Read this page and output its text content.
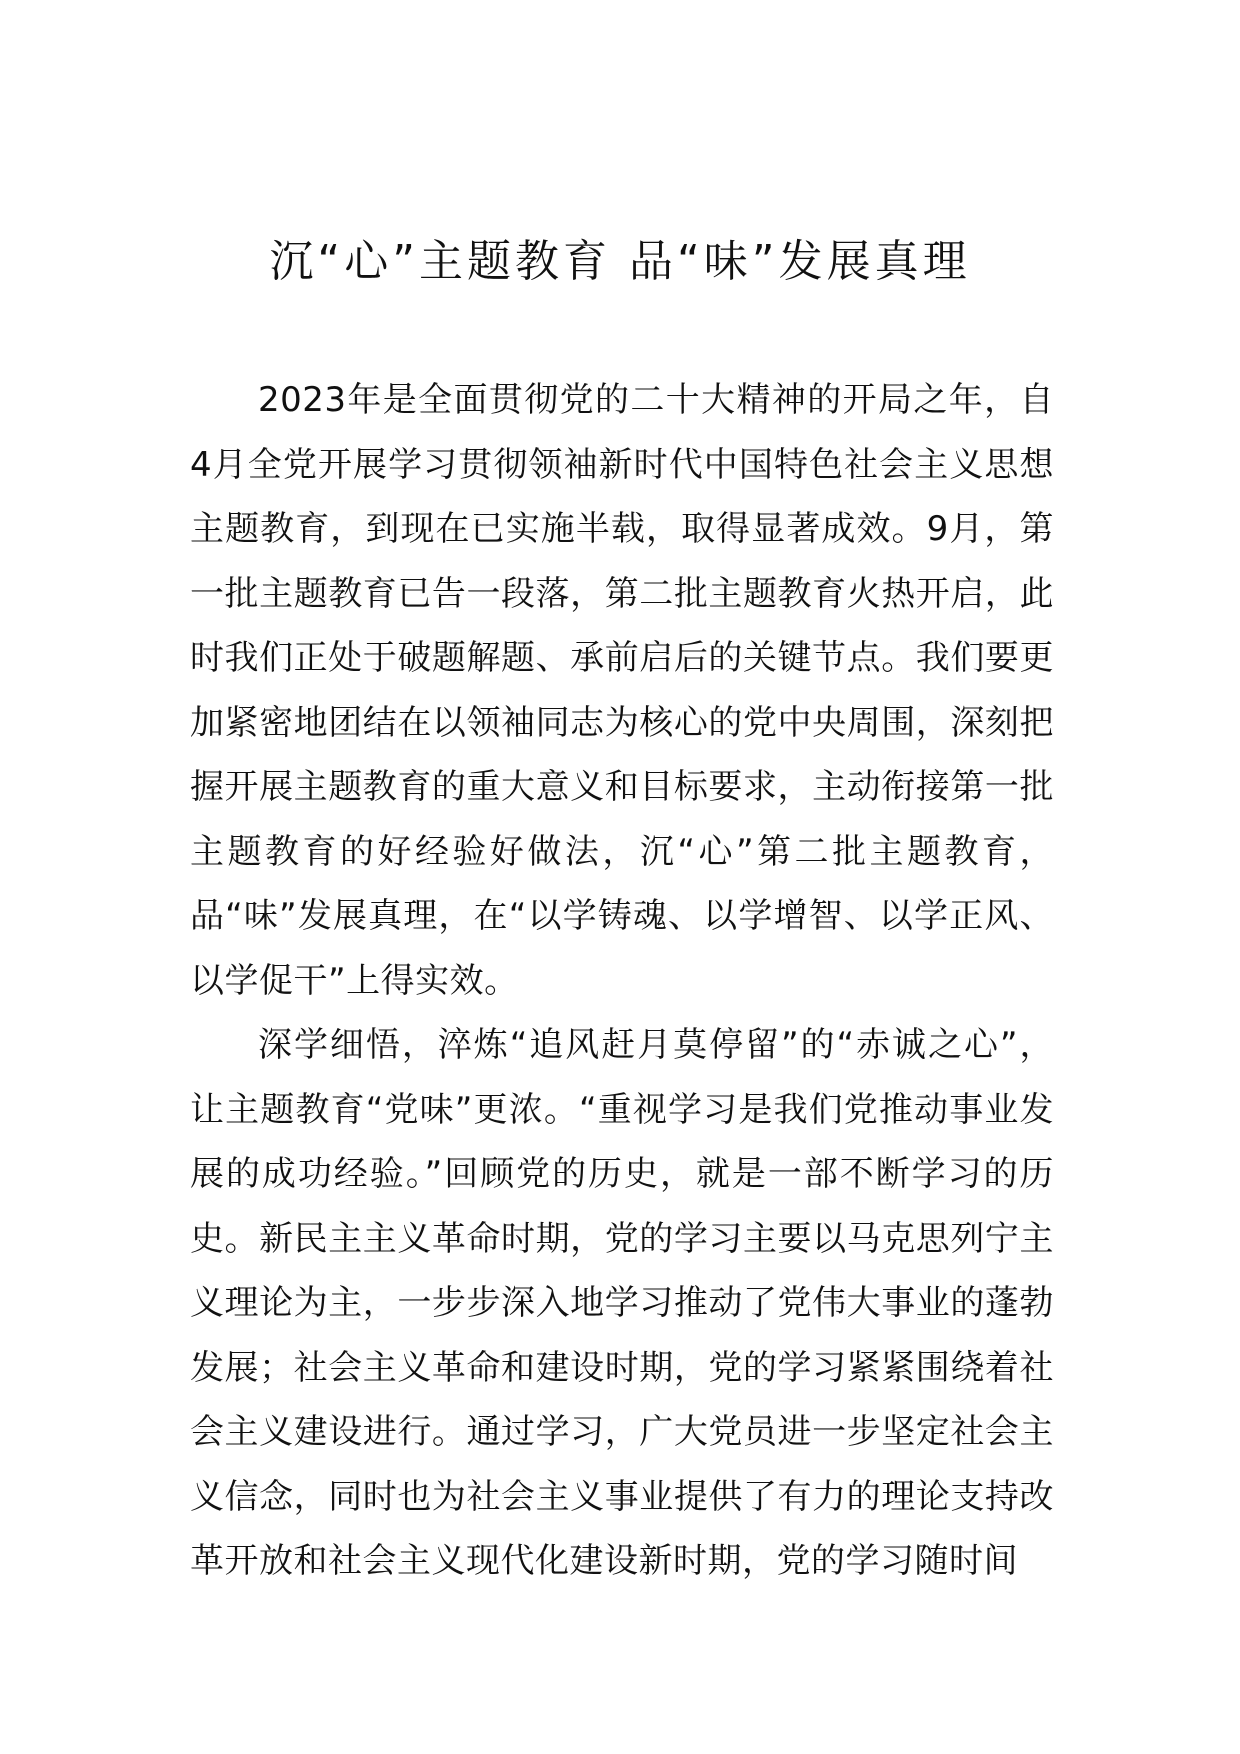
沉“心”主题教育 品“味”发展真理

2023年是全面贯彻党的二十大精神的开局之年，自4月全党开展学习贯彻领袖新时代中国特色社会主义思想主题教育，到现在已实施半载，取得显著成效。9月，第一批主题教育已告一段落，第二批主题教育火热开启，此时我们正处于破题解题、承前启后的关键节点。我们要更加紧密地团结在以领袖同志为核心的党中央周围，深刻把握开展主题教育的重大意义和目标要求，主动衔接第一批主题教育的好经验好做法，沉“心”第二批主题教育，品“味”发展真理，在“以学铸魂、以学增智、以学正风、以学促干”上得实效。

深学细悟，淬炼“追风赶月莫停留”的“赤诚之心”，让主题教育“党味”更浓。“重视学习是我们党推动事业发展的成功经验。”回顾党的历史，就是一部不断学习的历史。新民主主义革命时期，党的学习主要以马克思列宁主义理论为主，一步步深入地学习推动了党伟大事业的蓬勃发展；社会主义革命和建设时期，党的学习紧紧围绕着社会主义建设进行。通过学习，广大党员进一步坚定社会主义信念，同时也为社会主义事业提供了有力的理论支持改革开放和社会主义现代化建设新时期，党的学习随时间
